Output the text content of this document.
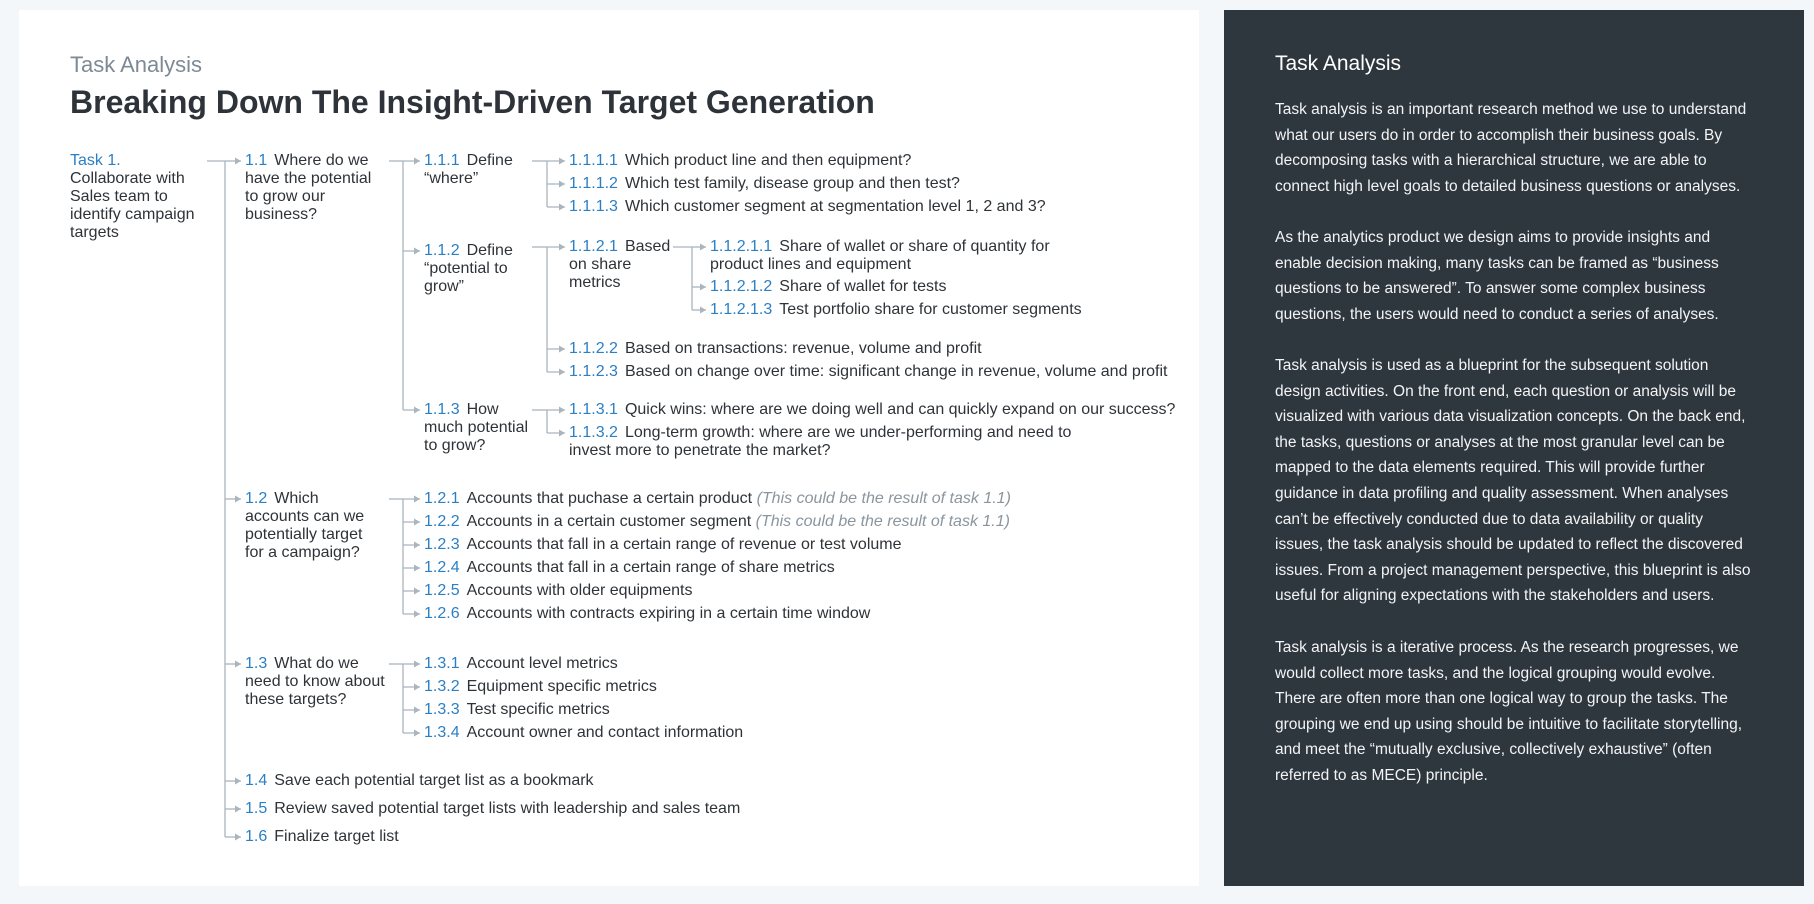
Task Analysis
Breaking Down The Insight-Driven Target Generation
Task 1.
Collaborate with
Sales team to
identify campaign
targets
1.1 Where do we
have the potential
to grow our
business?
1.1.1 Define
“where”
1.1.1.1 Which product line and then equipment?
1.1.1.2 Which test family, disease group and then test?
1.1.1.3 Which customer segment at segmentation level 1, 2 and 3?
1.1.2 Define
“potential to
grow”
1.1.2.1 Based
on share
metrics
1.1.2.1.1 Share of wallet or share of quantity for
product lines and equipment
1.1.2.1.2 Share of wallet for tests
1.1.2.1.3 Test portfolio share for customer segments
1.1.2.2 Based on transactions: revenue, volume and profit
1.1.2.3 Based on change over time: significant change in revenue, volume and profit
1.1.3 How
much potential
to grow?
1.1.3.1 Quick wins: where are we doing well and can quickly expand on our success?
1.1.3.2 Long-term growth: where are we under-performing and need to
invest more to penetrate the market?
1.2 Which
accounts can we
potentially target
for a campaign?
1.2.1 Accounts that puchase a certain product (This could be the result of task 1.1)
1.2.2 Accounts in a certain customer segment (This could be the result of task 1.1)
1.2.3 Accounts that fall in a certain range of revenue or test volume
1.2.4 Accounts that fall in a certain range of share metrics
1.2.5 Accounts with older equipments
1.2.6 Accounts with contracts expiring in a certain time window
1.3 What do we
need to know about
these targets?
1.3.1 Account level metrics
1.3.2 Equipment specific metrics
1.3.3 Test specific metrics
1.3.4 Account owner and contact information
1.4 Save each potential target list as a bookmark
1.5 Review saved potential target lists with leadership and sales team
1.6 Finalize target list
Task Analysis
Task analysis is an important research method we use to understand
what our users do in order to accomplish their business goals. By
decomposing tasks with a hierarchical structure, we are able to
connect high level goals to detailed business questions or analyses.
As the analytics product we design aims to provide insights and
enable decision making, many tasks can be framed as “business
questions to be answered”. To answer some complex business
questions, the users would need to conduct a series of analyses.
Task analysis is used as a blueprint for the subsequent solution
design activities. On the front end, each question or analysis will be
visualized with various data visualization concepts. On the back end,
the tasks, questions or analyses at the most granular level can be
mapped to the data elements required. This will provide further
guidance in data profiling and quality assessment. When analyses
can’t be effectively conducted due to data availability or quality
issues, the task analysis should be updated to reflect the discovered
issues. From a project management perspective, this blueprint is also
useful for aligning expectations with the stakeholders and users.
Task analysis is a iterative process. As the research progresses, we
would collect more tasks, and the logical grouping would evolve.
There are often more than one logical way to group the tasks. The
grouping we end up using should be intuitive to facilitate storytelling,
and meet the “mutually exclusive, collectively exhaustive” (often
referred to as MECE) principle.
